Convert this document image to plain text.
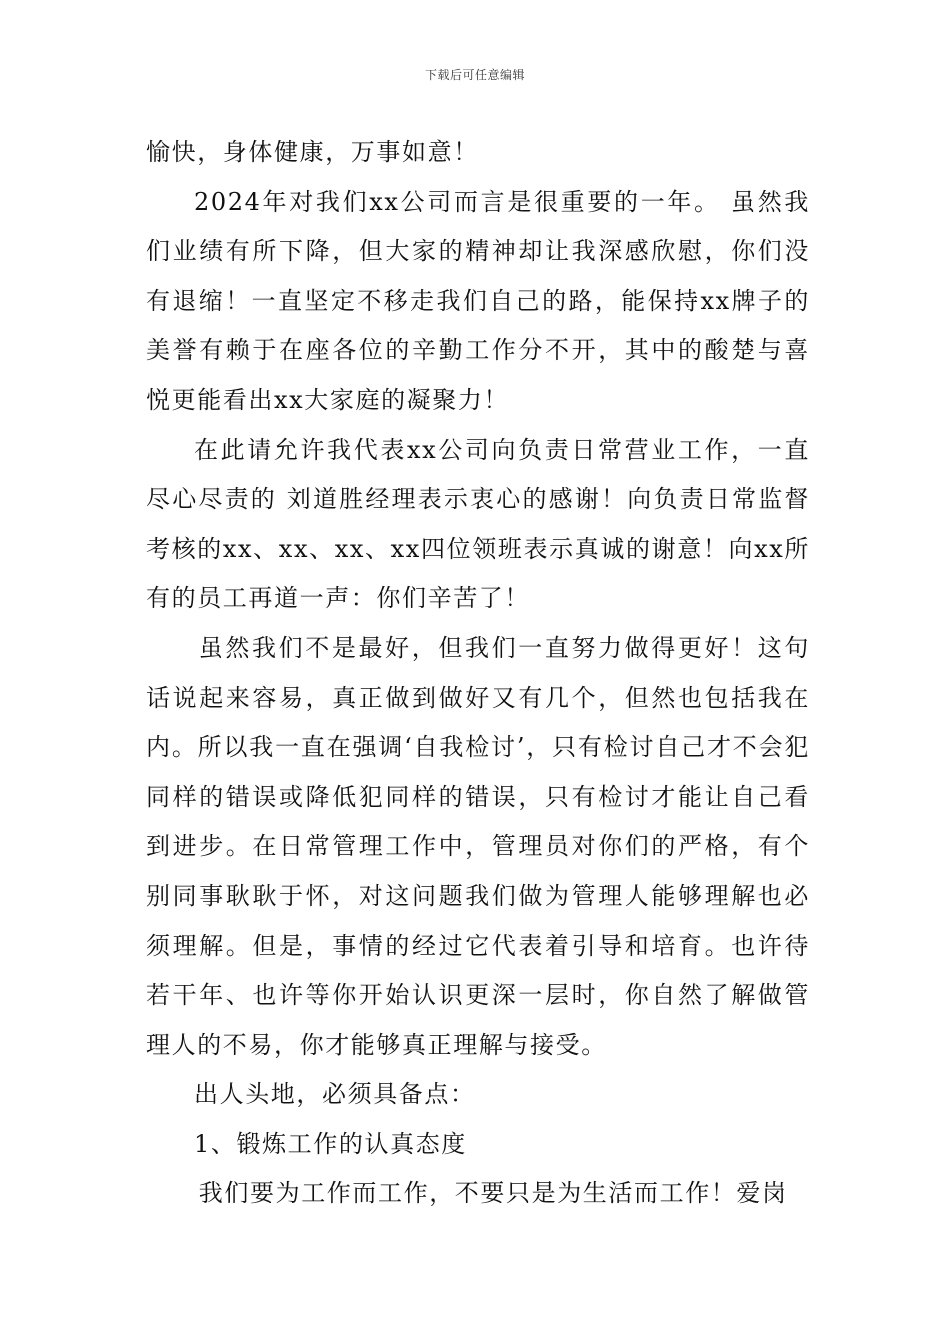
下载后可任意编辑

愉快，身体健康，万事如意！

2024年对我们xx公司而言是很重要的一年。 虽然我们业绩有所下降，但大家的精神却让我深感欣慰，你们没有退缩！一直坚定不移走我们自己的路，能保持xx牌子的美誉有赖于在座各位的辛勤工作分不开，其中的酸楚与喜悦更能看出xx大家庭的凝聚力！

在此请允许我代表xx公司向负责日常营业工作，一直尽心尽责的 刘道胜经理表示衷心的感谢！向负责日常监督考核的xx、xx、xx、xx四位领班表示真诚的谢意！向xx所有的员工再道一声：你们辛苦了！

虽然我们不是最好，但我们一直努力做得更好！这句话说起来容易，真正做到做好又有几个，但然也包括我在内。所以我一直在强调‘自我检讨’，只有检讨自己才不会犯同样的错误或降低犯同样的错误，只有检讨才能让自己看到进步。在日常管理工作中，管理员对你们的严格，有个别同事耿耿于怀，对这问题我们做为管理人能够理解也必须理解。但是，事情的经过它代表着引导和培育。也许待若干年、也许等你开始认识更深一层时，你自然了解做管理人的不易，你才能够真正理解与接受。

出人头地，必须具备点：

1、锻炼工作的认真态度

我们要为工作而工作，不要只是为生活而工作！爱岗
